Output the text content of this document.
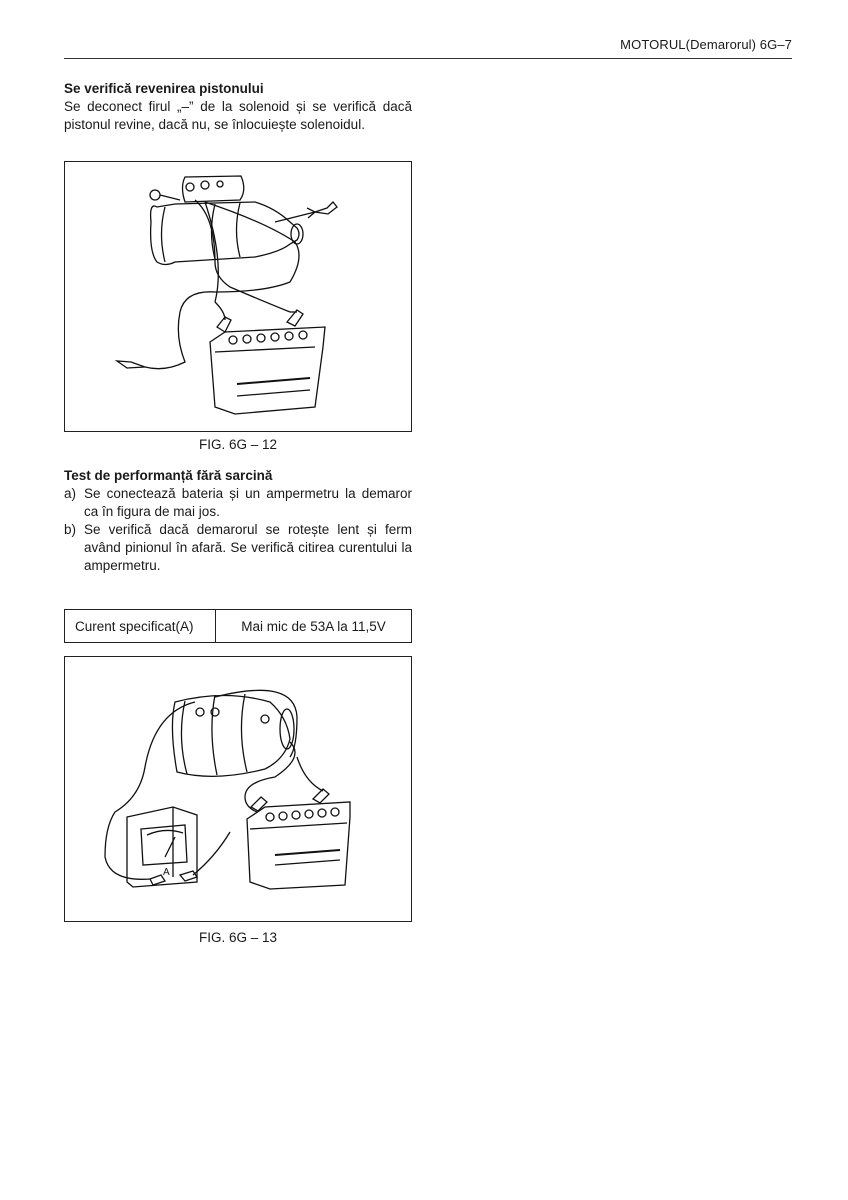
MOTORUL(Demarorul) 6G–7
Se verifică revenirea pistonului
Se deconect firul „–” de la solenoid și se verifică dacă pistonul revine, dacă nu, se înlocuiește solenoidul.
FIG. 6G – 12
Test de performanță fără sarcină
a) Se conectează bateria și un ampermetru la demaror ca în figura de mai jos.
b) Se verifică dacă demarorul se rotește lent și ferm având pinionul în afară. Se verifică citirea curentului la ampermetru.
Curent specificat(A)	Mai mic de 53A la 11,5V
A
FIG. 6G – 13
